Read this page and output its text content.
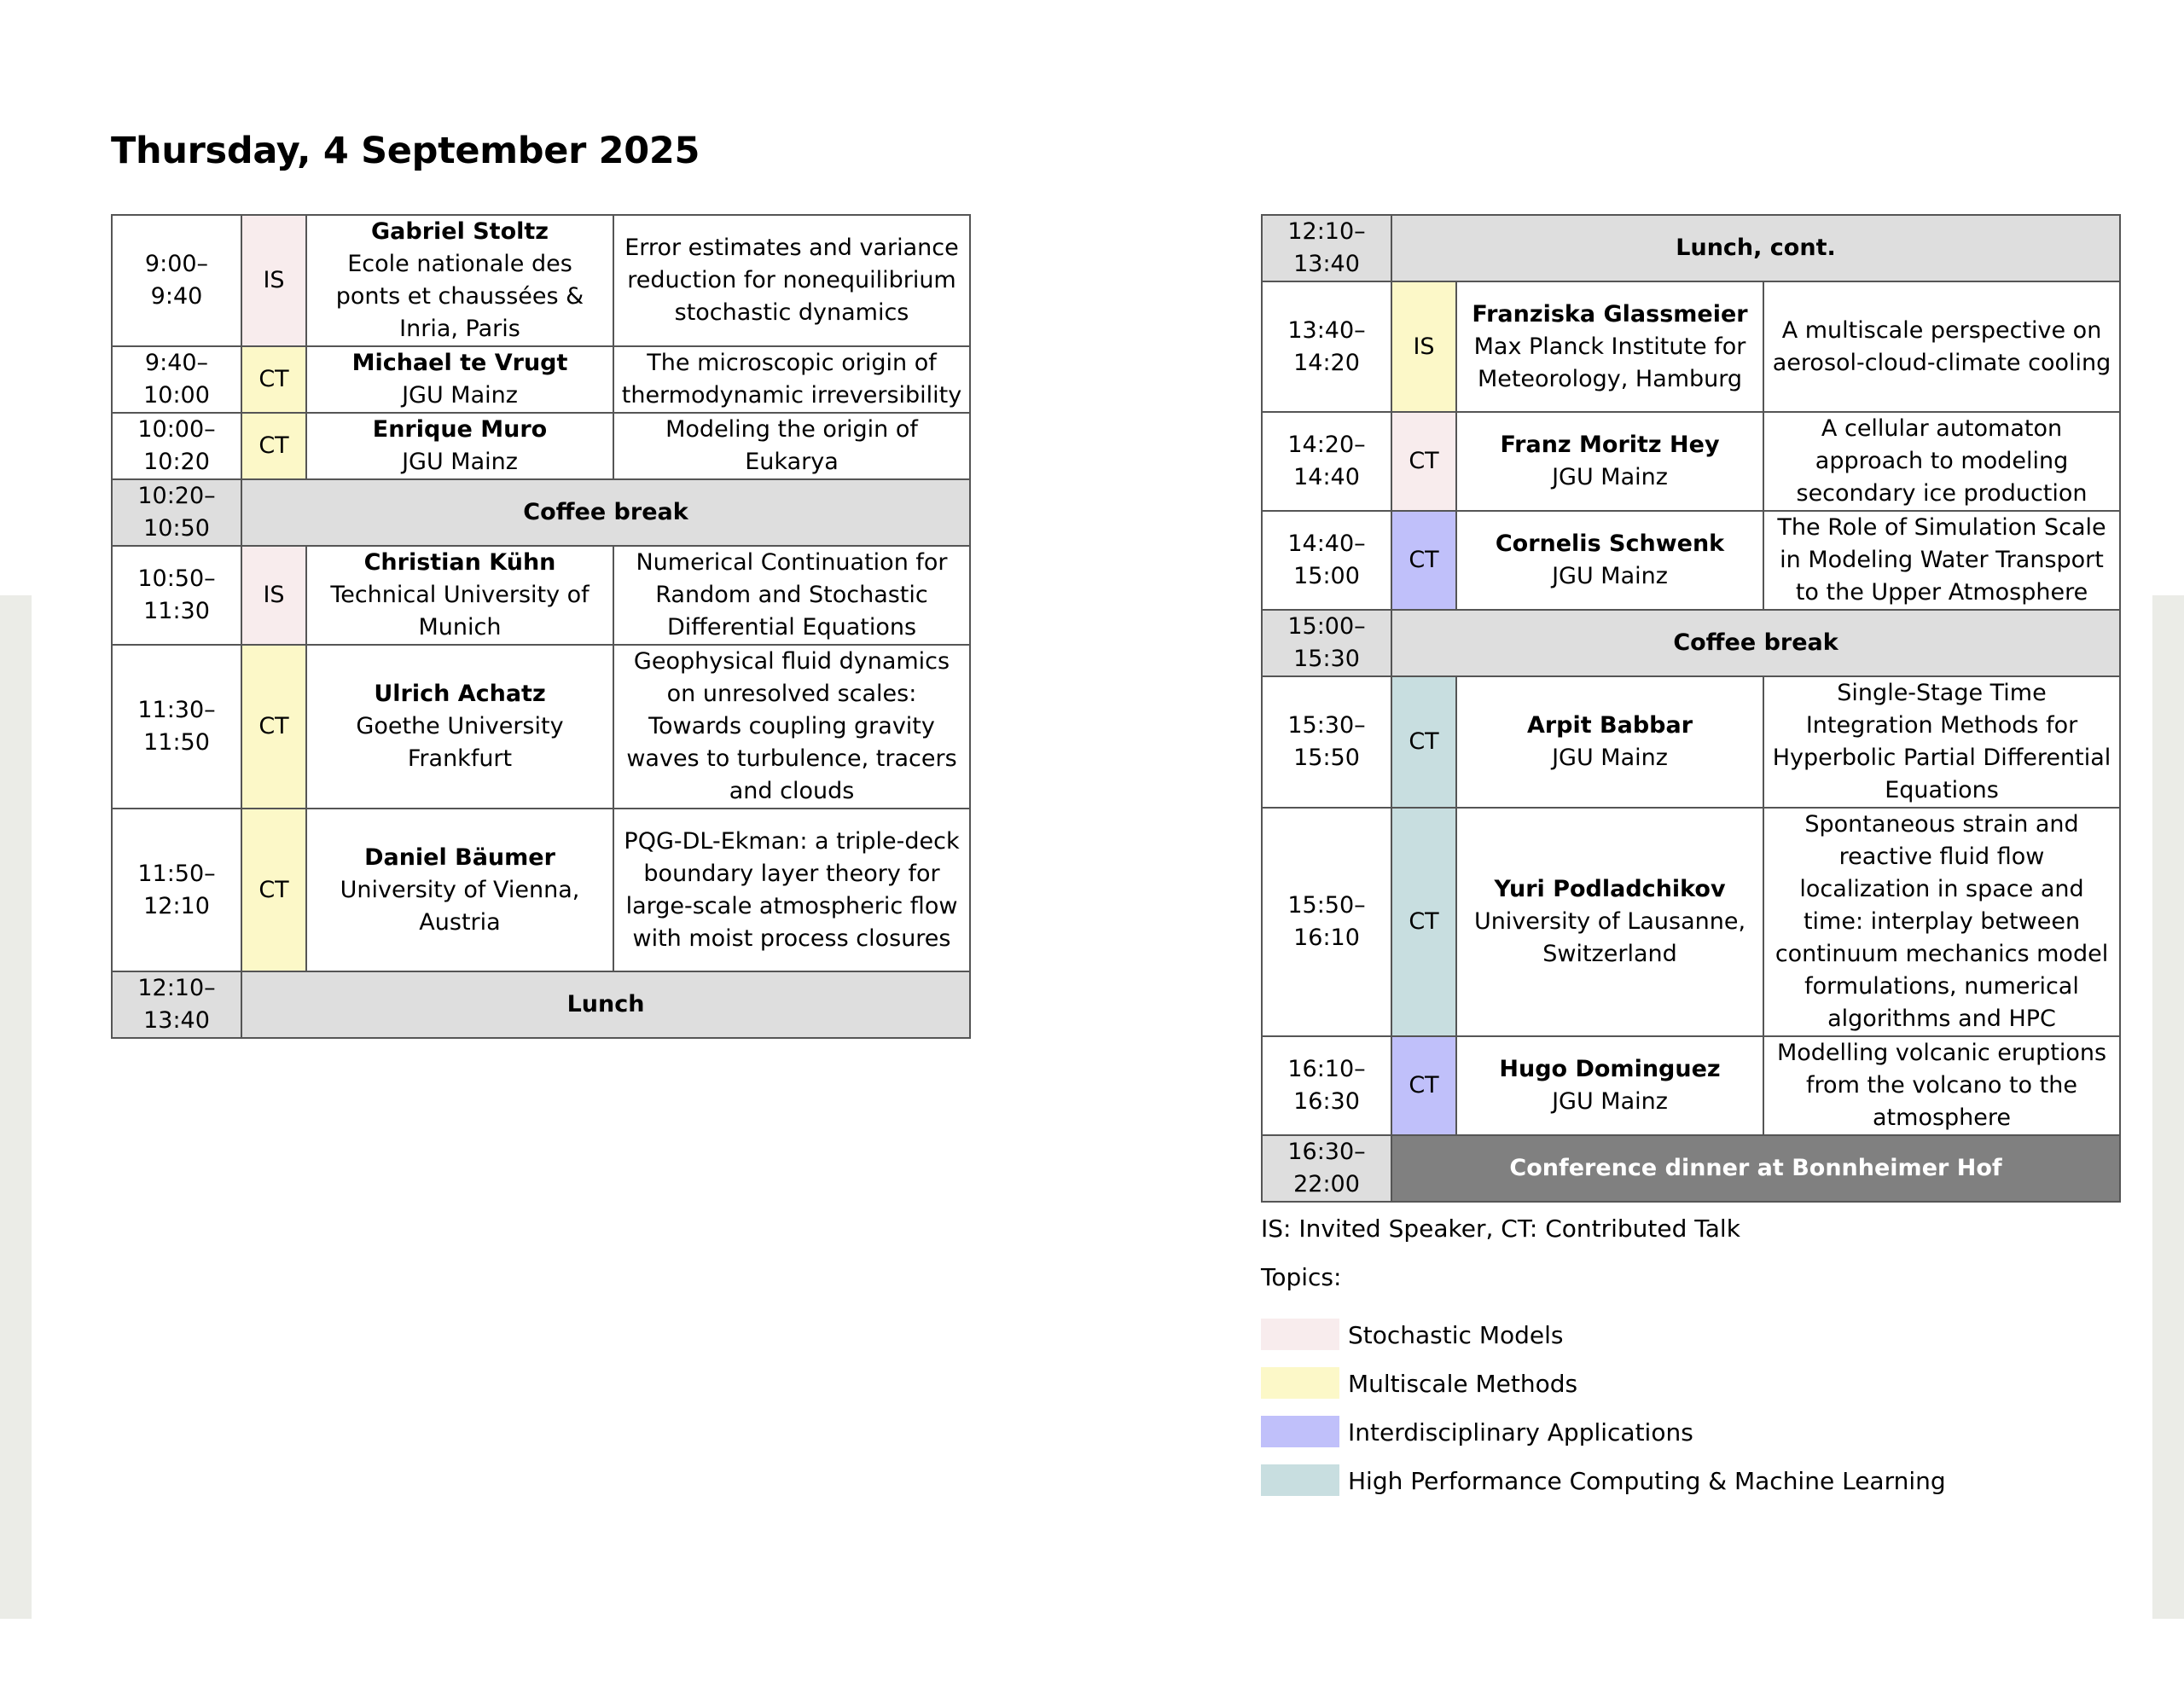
Thursday, 4 September 2025
9:00–
9:40	IS	Gabriel Stoltz
Ecole nationale des ponts et chaussées & Inria, Paris	Error estimates and variance reduction for nonequilibrium stochastic dynamics
9:40–
10:00	CT	Michael te Vrugt
JGU Mainz	The microscopic origin of thermodynamic irreversibility
10:00–
10:20	CT	Enrique Muro
JGU Mainz	Modeling the origin of Eukarya
10:20–
10:50	Coffee break		
10:50–
11:30	IS	Christian Kühn
Technical University of Munich	Numerical Continuation for Random and Stochastic Differential Equations
11:30–
11:50	CT	Ulrich Achatz
Goethe University Frankfurt	Geophysical fluid dynamics on unresolved scales: Towards coupling gravity waves to turbulence, tracers and clouds
11:50–
12:10	CT	Daniel Bäumer
University of Vienna, Austria	PQG-DL-Ekman: a triple-deck boundary layer theory for large-scale atmospheric flow with moist process closures
12:10–
13:40	Lunch		
12:10–
13:40	Lunch, cont.		
13:40–
14:20	IS	Franziska Glassmeier
Max Planck Institute for Meteorology, Hamburg	A multiscale perspective on aerosol-cloud-climate cooling
14:20–
14:40	CT	Franz Moritz Hey
JGU Mainz	A cellular automaton approach to modeling secondary ice production
14:40–
15:00	CT	Cornelis Schwenk
JGU Mainz	The Role of Simulation Scale in Modeling Water Transport to the Upper Atmosphere
15:00–
15:30	Coffee break		
15:30–
15:50	CT	Arpit Babbar
JGU Mainz	Single-Stage Time Integration Methods for Hyperbolic Partial Differential Equations
15:50–
16:10	CT	Yuri Podladchikov
University of Lausanne, Switzerland	Spontaneous strain and reactive fluid flow localization in space and time: interplay between continuum mechanics model formulations, numerical algorithms and HPC
16:10–
16:30	CT	Hugo Dominguez
JGU Mainz	Modelling volcanic eruptions from the volcano to the atmosphere
16:30–
22:00	Conference dinner at Bonnheimer Hof		
IS: Invited Speaker, CT: Contributed Talk
Topics:
Stochastic Models
Multiscale Methods
Interdisciplinary Applications
High Performance Computing & Machine Learning
